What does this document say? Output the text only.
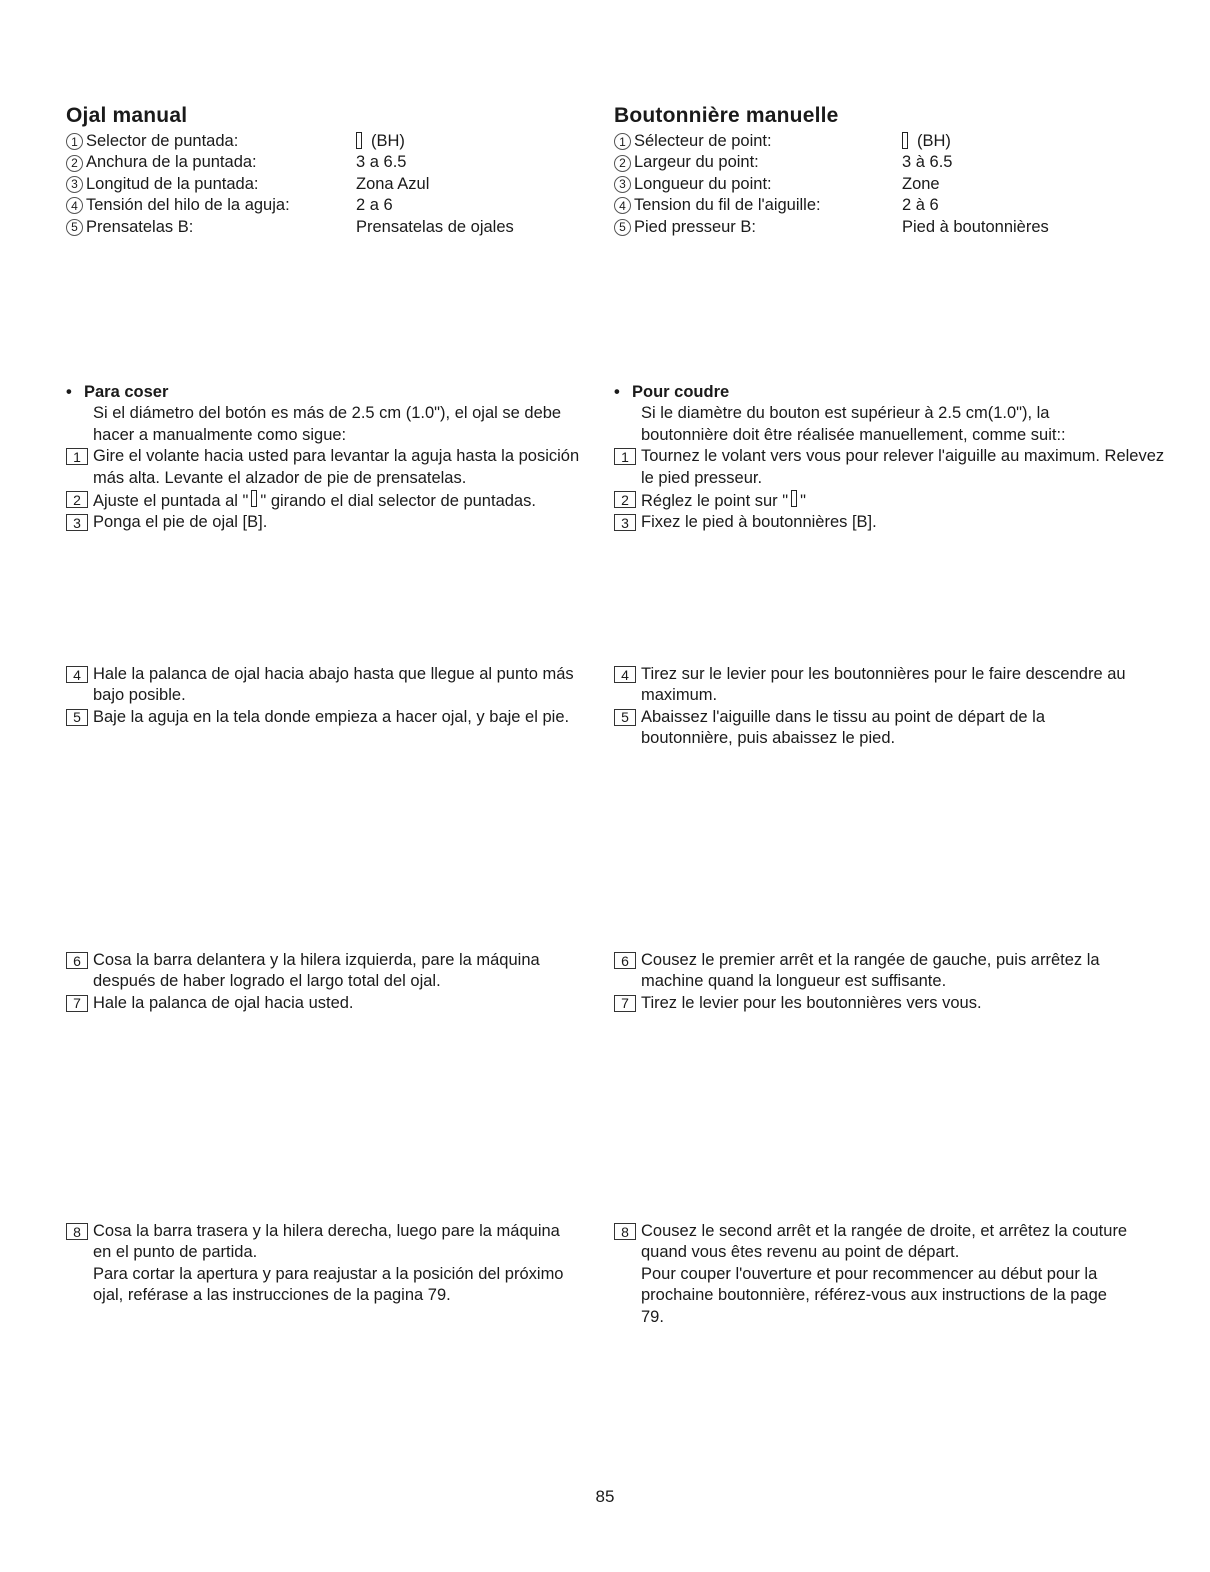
Ojal manual
1 Selector de puntada:	(BH)
2 Anchura de la puntada:	3 a 6.5
3 Longitud de la puntada:	Zona Azul
4 Tensión del hilo de la aguja:	2 a 6
5 Prensatelas B:	Prensatelas de ojales
• Para coser
Si el diámetro del botón es más de 2.5 cm (1.0"), el ojal se debe hacer a manualmente como sigue:
1 Gire el volante hacia usted para levantar la aguja hasta la posición más alta. Levante el alzador de pie de prensatelas.
2 Ajuste el puntada al " " girando el dial selector de puntadas.
3 Ponga el pie de ojal [B].
4 Hale la palanca de ojal hacia abajo hasta que llegue al punto más bajo posible.
5 Baje la aguja en la tela donde empieza a hacer ojal, y baje el pie.
6 Cosa la barra delantera y la hilera izquierda, pare la máquina después de haber logrado el largo total del ojal.
7 Hale la palanca de ojal hacia usted.
8 Cosa la barra trasera y la hilera derecha, luego pare la máquina en el punto de partida.
Para cortar la apertura y para reajustar a la posición del próximo ojal, reférase a las instrucciones de la pagina 79.
Boutonnière manuelle
1 Sélecteur de point:	(BH)
2 Largeur du point:	3 à 6.5
3 Longueur du point:	Zone
4 Tension du fil de l'aiguille:	2 à 6
5 Pied presseur B:	Pied à boutonnières
• Pour coudre
Si le diamètre du bouton est supérieur à 2.5 cm(1.0"), la boutonnière doit être réalisée manuellement, comme suit::
1 Tournez le volant vers vous pour relever l'aiguille au maximum. Relevez le pied presseur.
2 Réglez le point sur " "
3 Fixez le pied à boutonnières [B].
4 Tirez sur le levier pour les boutonnières pour le faire descendre au maximum.
5 Abaissez l'aiguille dans le tissu au point de départ de la boutonnière, puis abaissez le pied.
6 Cousez le premier arrêt et la rangée de gauche, puis arrêtez la machine quand la longueur est suffisante.
7 Tirez le levier pour les boutonnières vers vous.
8 Cousez le second arrêt et la rangée de droite, et arrêtez la couture quand vous êtes revenu au point de départ.
Pour couper l'ouverture et pour recommencer au début pour la prochaine boutonnière, référez-vous aux instructions de la page 79.
85
